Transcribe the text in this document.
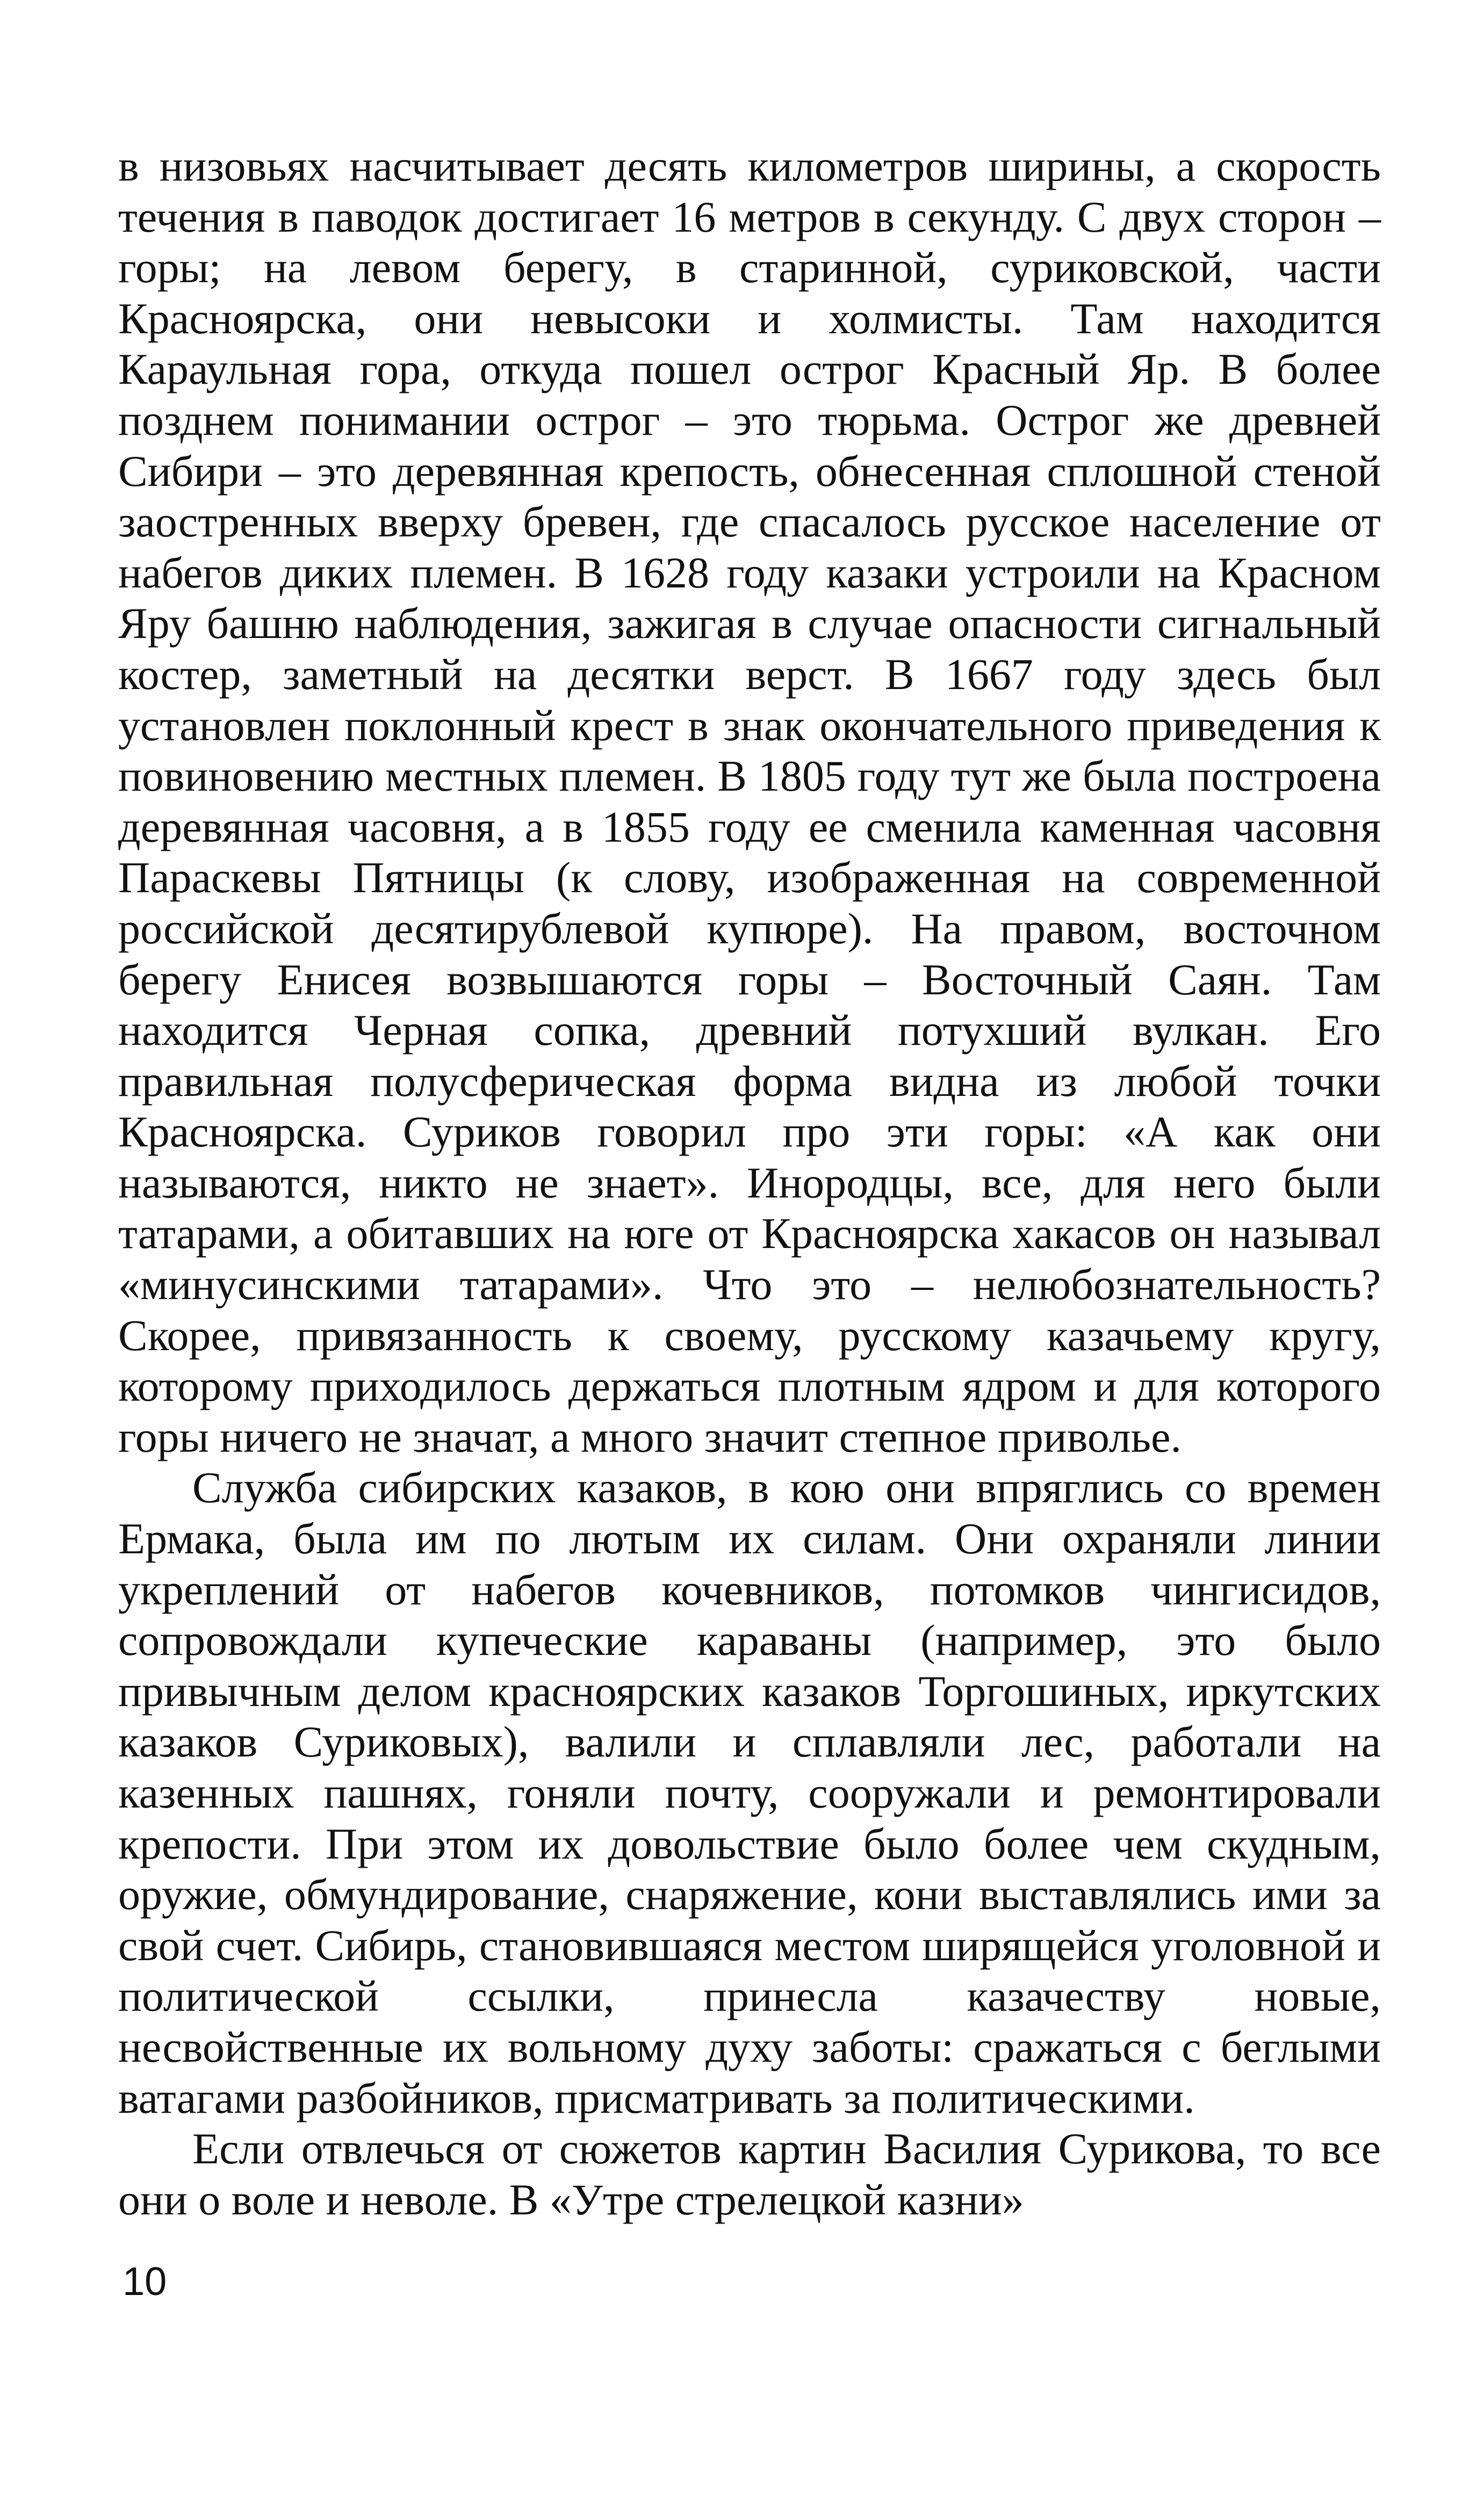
в низовьях насчитывает десять километров ширины, а скорость течения в паводок достигает 16 метров в секунду. С двух сторон – горы; на левом берегу, в старинной, суриковской, части Красноярска, они невысоки и холмисты. Там находится Караульная гора, откуда пошел острог Красный Яр. В более позднем понимании острог – это тюрьма. Острог же древней Сибири – это деревянная крепость, обнесенная сплошной стеной заостренных вверху бревен, где спасалось русское население от набегов диких племен. В 1628 году казаки устроили на Красном Яру башню наблюдения, зажигая в случае опасности сигнальный костер, заметный на десятки верст. В 1667 году здесь был установлен поклонный крест в знак окончательного приведения к повиновению местных племен. В 1805 году тут же была построена деревянная часовня, а в 1855 году ее сменила каменная часовня Параскевы Пятницы (к слову, изображенная на современной российской десятирублевой купюре). На правом, восточном берегу Енисея возвышаются горы – Восточный Саян. Там находится Черная сопка, древний потухший вулкан. Его правильная полусферическая форма видна из любой точки Красноярска. Суриков говорил про эти горы: «А как они называются, никто не знает». Инородцы, все, для него были татарами, а обитавших на юге от Красноярска хакасов он называл «минусинскими татарами». Что это – нелюбознательность? Скорее, привязанность к своему, русскому казачьему кругу, которому приходилось держаться плотным ядром и для которого горы ничего не значат, а много значит степное приволье.

Служба сибирских казаков, в кою они впряглись со времен Ермака, была им по лютым их силам. Они охраняли линии укреплений от набегов кочевников, потомков чингисидов, сопровождали купеческие караваны (например, это было привычным делом красноярских казаков Торгошиных, иркутских казаков Суриковых), валили и сплавляли лес, работали на казенных пашнях, гоняли почту, сооружали и ремонтировали крепости. При этом их довольствие было более чем скудным, оружие, обмундирование, снаряжение, кони выставлялись ими за свой счет. Сибирь, становившаяся местом ширящейся уголовной и политической ссылки, принесла казачеству новые, несвойственные их вольному духу заботы: сражаться с беглыми ватагами разбойников, присматривать за политическими.

Если отвлечься от сюжетов картин Василия Сурикова, то все они о воле и неволе. В «Утре стрелецкой казни»

10
